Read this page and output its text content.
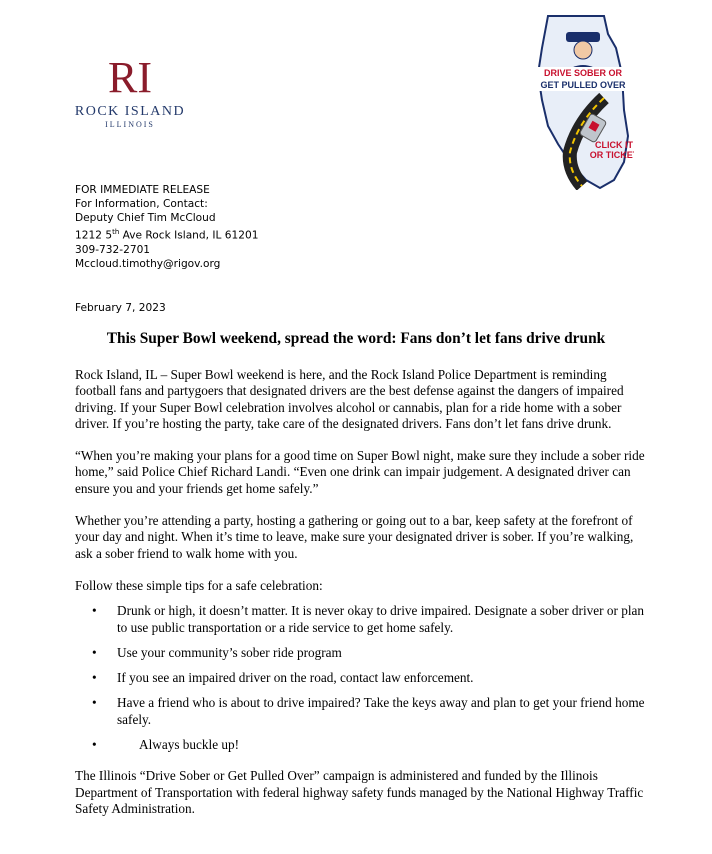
RI
ROCK ISLAND
ILLINOIS
DRIVE SOBER OR
GET PULLED OVER
CLICK IT
OR TICKET
FOR IMMEDIATE RELEASE
For Information, Contact:
Deputy Chief Tim McCloud
1212 5th Ave Rock Island, IL 61201
309-732-2701
Mccloud.timothy@rigov.org
February 7, 2023
This Super Bowl weekend, spread the word: Fans don’t let fans drive drunk

Rock Island, IL – Super Bowl weekend is here, and the Rock Island Police Department is reminding football fans and partygoers that designated drivers are the best defense against the dangers of impaired driving. If your Super Bowl celebration involves alcohol or cannabis, plan for a ride home with a sober driver. If you’re hosting the party, take care of the designated drivers. Fans don’t let fans drive drunk.

“When you’re making your plans for a good time on Super Bowl night, make sure they include a sober ride home,” said Police Chief Richard Landi. “Even one drink can impair judgement. A designated driver can ensure you and your friends get home safely.”

Whether you’re attending a party, hosting a gathering or going out to a bar, keep safety at the forefront of your day and night. When it’s time to leave, make sure your designated driver is sober. If you’re walking, ask a sober friend to walk home with you.

Follow these simple tips for a safe celebration:

• Drunk or high, it doesn’t matter. It is never okay to drive impaired. Designate a sober driver or plan to use public transportation or a ride service to get home safely.
• Use your community’s sober ride program
• If you see an impaired driver on the road, contact law enforcement.
• Have a friend who is about to drive impaired? Take the keys away and plan to get your friend home safely.
•	Always buckle up!

The Illinois “Drive Sober or Get Pulled Over” campaign is administered and funded by the Illinois Department of Transportation with federal highway safety funds managed by the National Highway Traffic Safety Administration.
